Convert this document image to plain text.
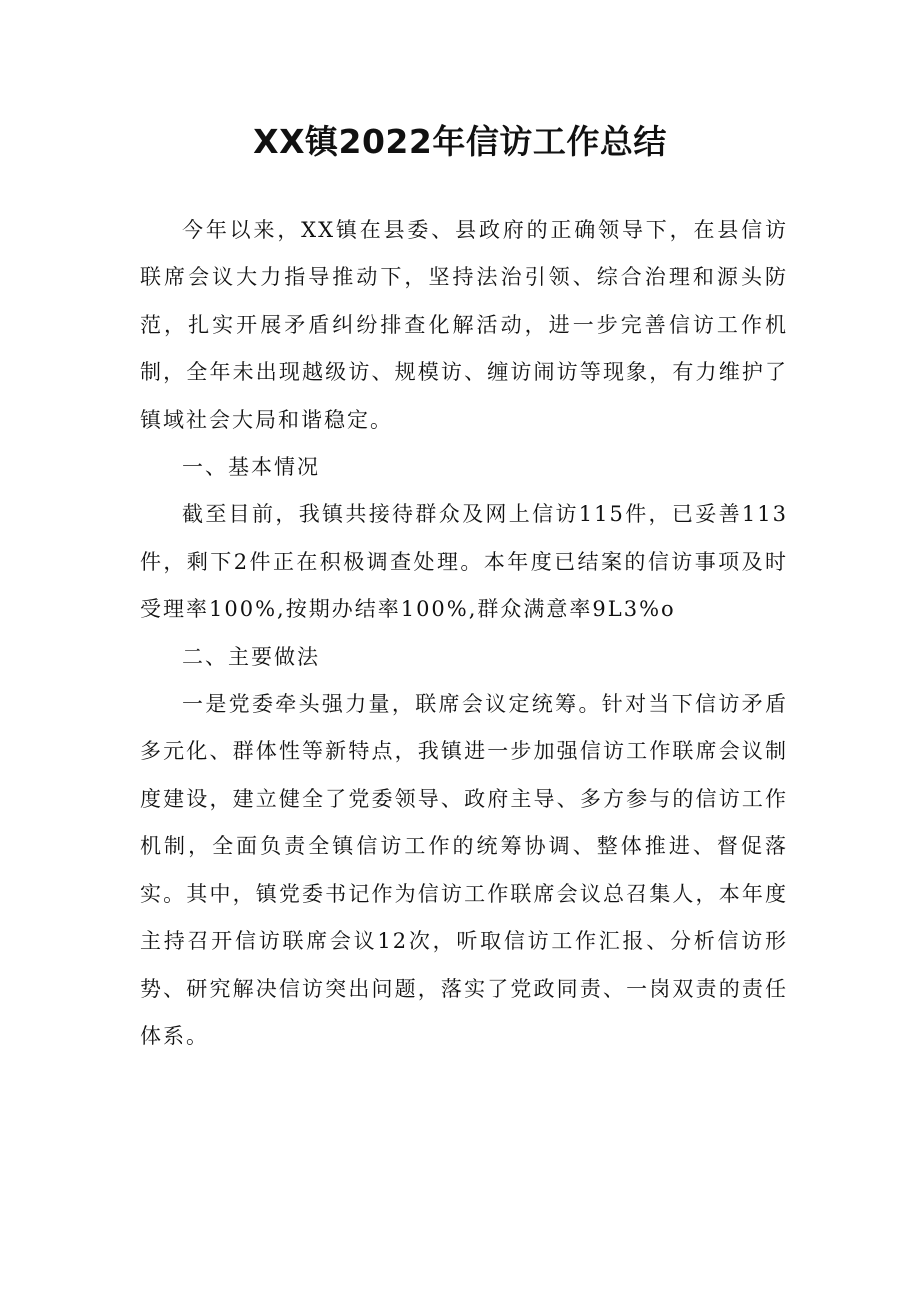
XX镇2022年信访工作总结

今年以来，XX镇在县委、县政府的正确领导下，在县信访联席会议大力指导推动下，坚持法治引领、综合治理和源头防范，扎实开展矛盾纠纷排查化解活动，进一步完善信访工作机制，全年未出现越级访、规模访、缠访闹访等现象，有力维护了镇域社会大局和谐稳定。

一、基本情况

截至目前，我镇共接待群众及网上信访115件，已妥善113件，剩下2件正在积极调查处理。本年度已结案的信访事项及时受理率100%,按期办结率100%,群众满意率9L3%o

二、主要做法

一是党委牵头强力量，联席会议定统筹。针对当下信访矛盾多元化、群体性等新特点，我镇进一步加强信访工作联席会议制度建设，建立健全了党委领导、政府主导、多方参与的信访工作机制，全面负责全镇信访工作的统筹协调、整体推进、督促落实。其中，镇党委书记作为信访工作联席会议总召集人，本年度主持召开信访联席会议12次，听取信访工作汇报、分析信访形势、研究解决信访突出问题，落实了党政同责、一岗双责的责任体系。
